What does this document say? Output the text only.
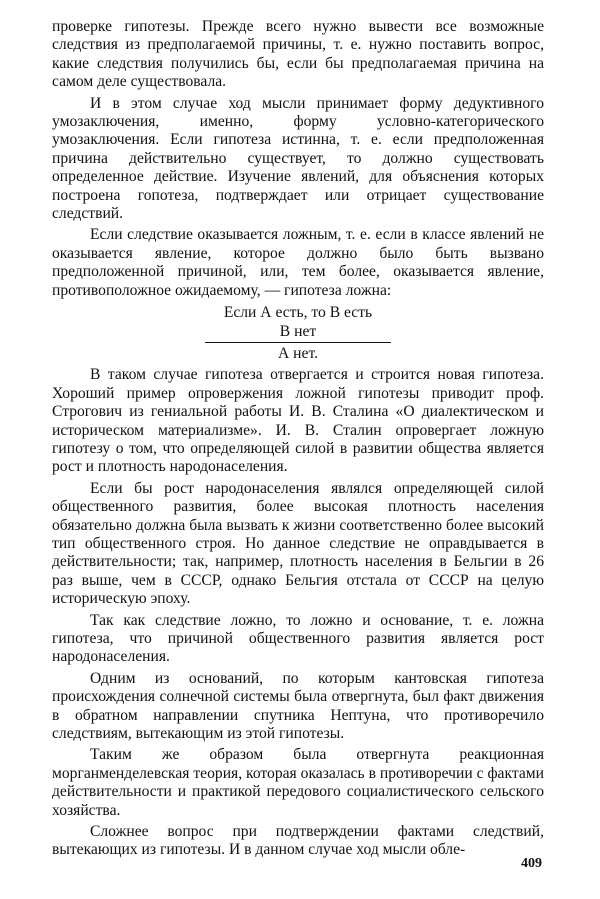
проверке гипотезы. Прежде всего нужно вывести все возможные следствия из предполагаемой причины, т. е. нужно поставить вопрос, какие следствия получились бы, если бы предполагаемая причина на самом деле существовала.

И в этом случае ход мысли принимает форму дедуктивного умозаключения, именно, форму условно-категорического умозаключения. Если гипотеза истинна, т. е. если предположенная причина действительно существует, то должно существовать определенное действие. Изучение явлений, для объяснения которых построена гопотеза, подтверждает или отрицает существование следствий.

Если следствие оказывается ложным, т. е. если в классе явлений не оказывается явление, которое должно было быть вызвано предположенной причиной, или, тем более, оказывается явление, противоположное ожидаемому, — гипотеза ложна:

Если А есть, то В есть
В нет
А нет.

В таком случае гипотеза отвергается и строится новая гипотеза. Хороший пример опровержения ложной гипотезы приводит проф. Строгович из гениальной работы И. В. Сталина «О диалектическом и историческом материализме». И. В. Сталин опровергает ложную гипотезу о том, что определяющей силой в развитии общества является рост и плотность народонаселения.

Если бы рост народонаселения являлся определяющей силой общественного развития, более высокая плотность населения обязательно должна была вызвать к жизни соответственно более высокий тип общественного строя. Но данное следствие не оправдывается в действительности; так, например, плотность населения в Бельгии в 26 раз выше, чем в СССР, однако Бельгия отстала от СССР на целую историческую эпоху.

Так как следствие ложно, то ложно и основание, т. е. ложна гипотеза, что причиной общественного развития является рост народонаселения.

Одним из оснований, по которым кантовская гипотеза происхождения солнечной системы была отвергнута, был факт движения в обратном направлении спутника Нептуна, что противоречило следствиям, вытекающим из этой гипотезы.

Таким же образом была отвергнута реакционная морганменделевская теория, которая оказалась в противоречии с фактами действительности и практикой передового социалистического сельского хозяйства.

Сложнее вопрос при подтверждении фактами следствий, вытекающих из гипотезы. И в данном случае ход мысли обле-

409
